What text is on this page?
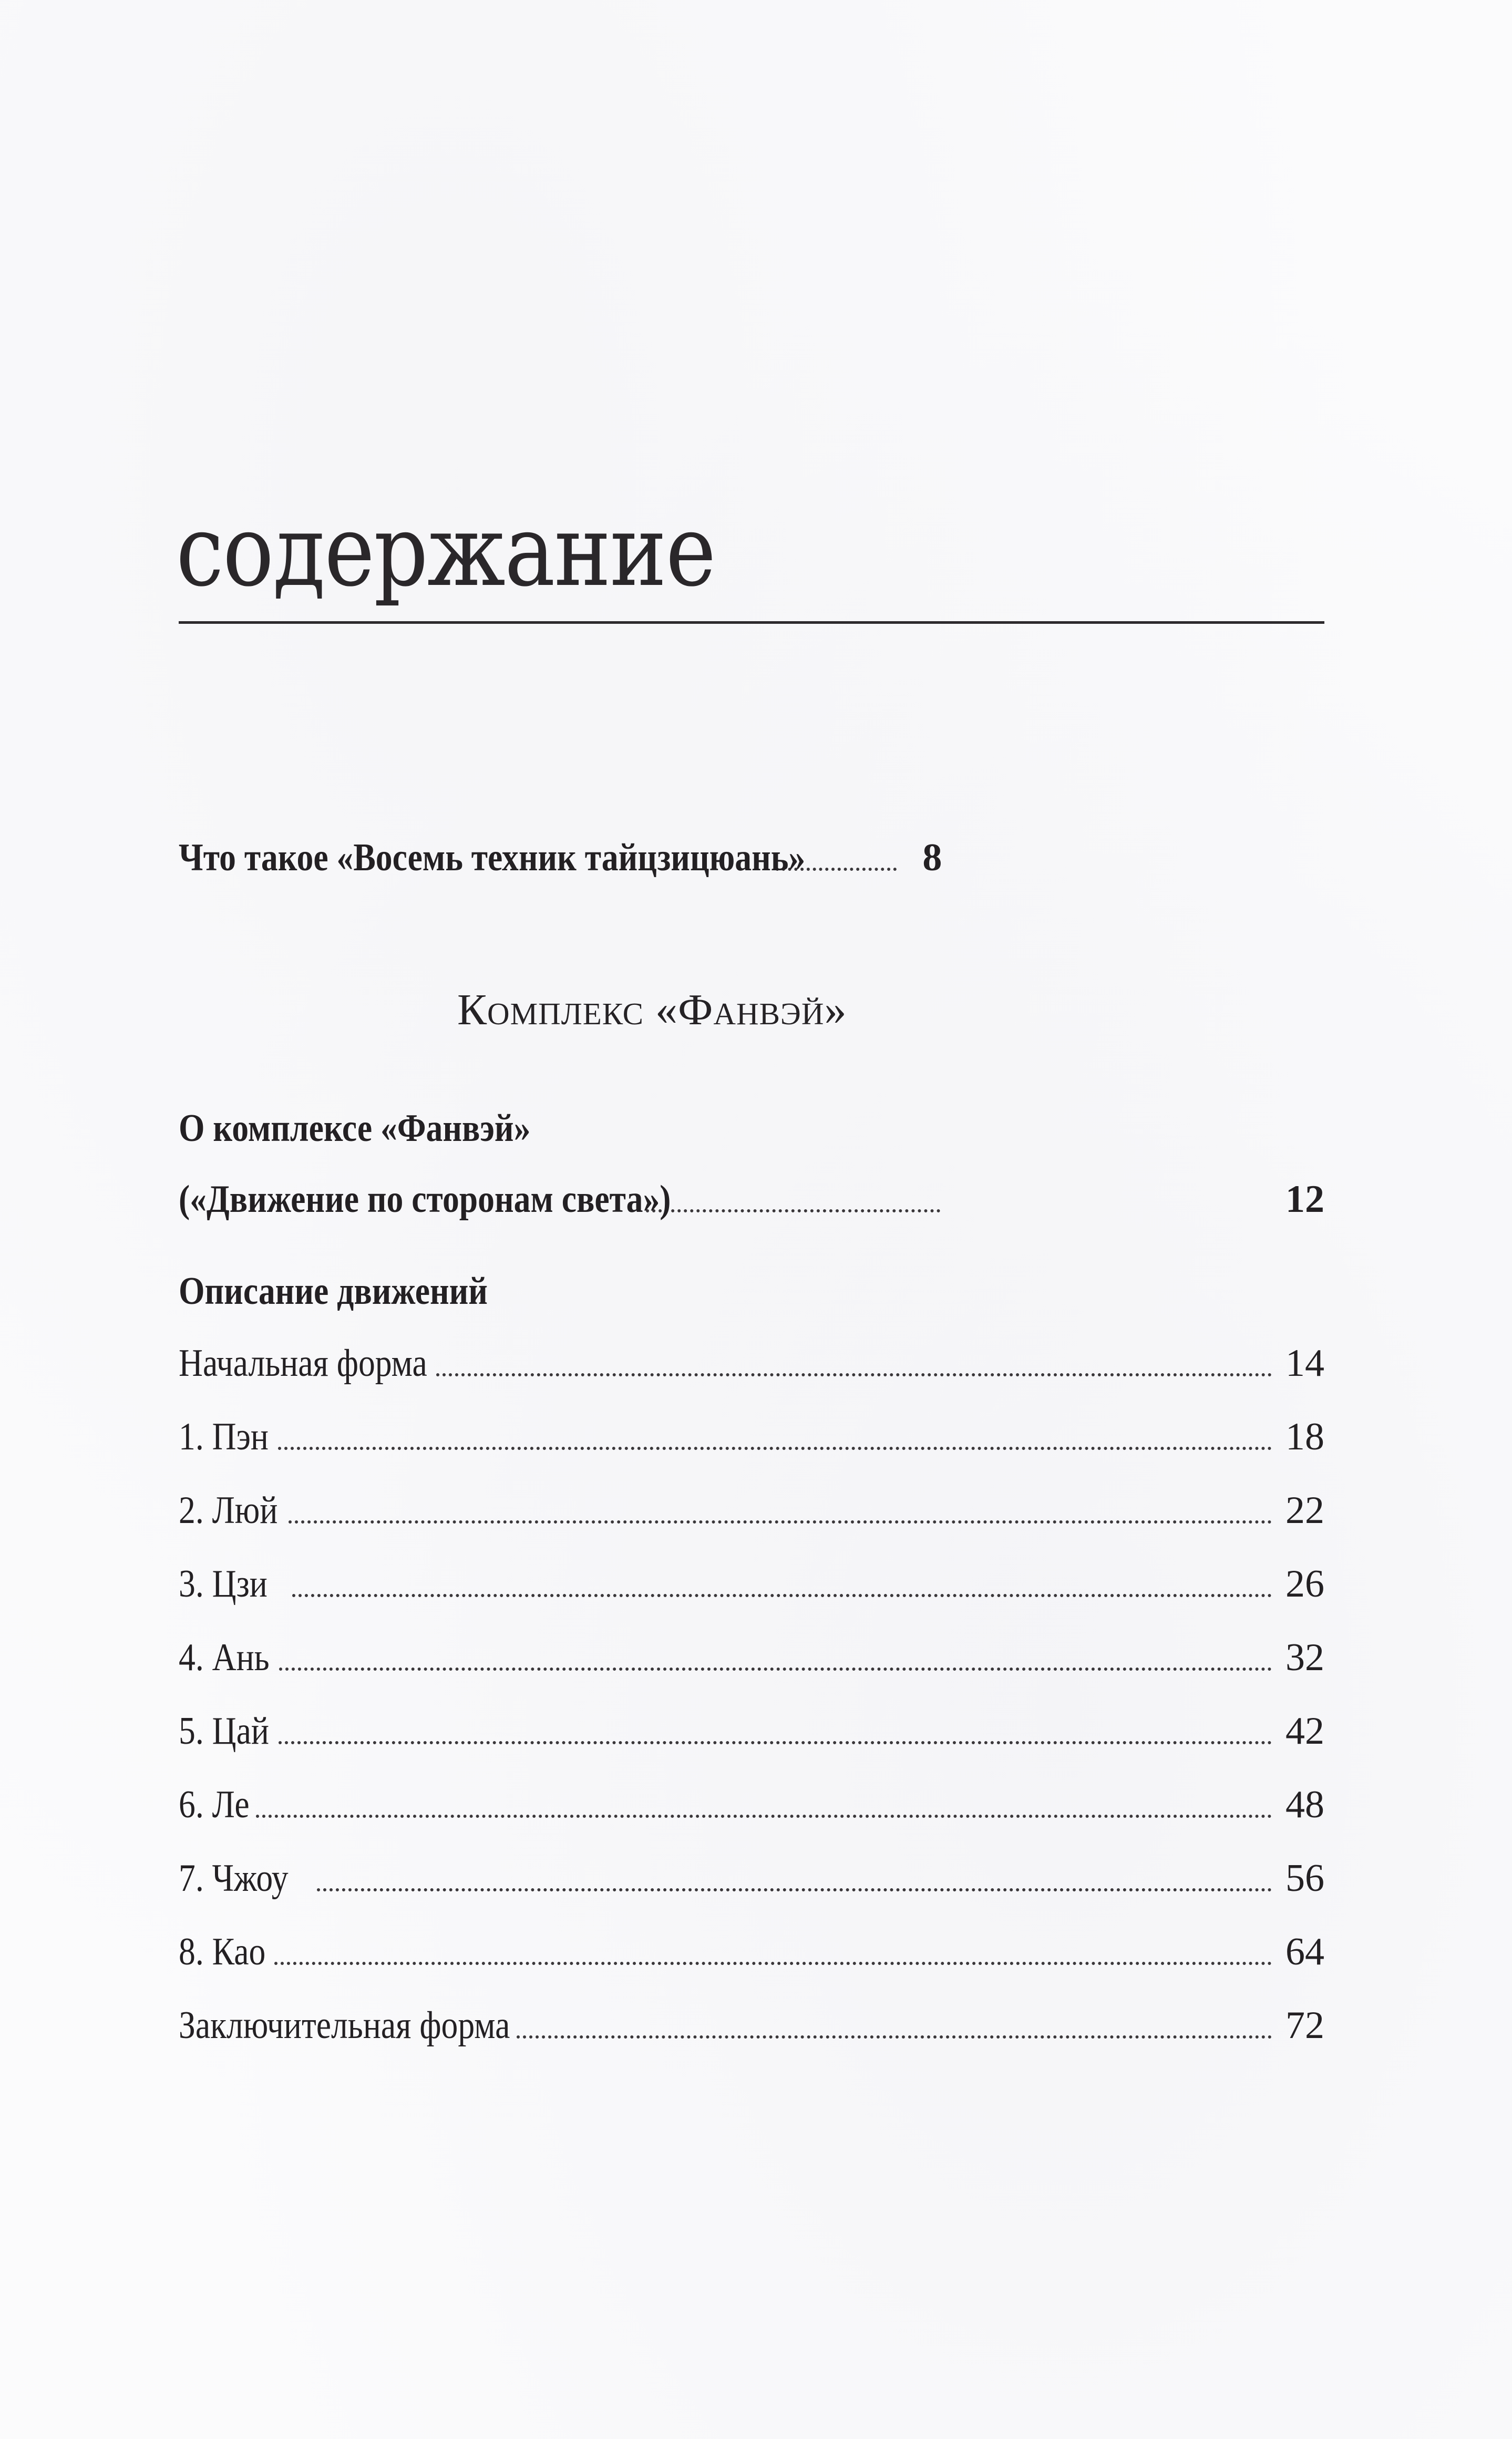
содержание
Что такое «Восемь техник тайцзицюань»	8
Комплекс «Фанвэй»
О комплексе «Фанвэй»
(«Движение по сторонам света»)	12
Описание движений
Начальная форма	14
1. Пэн	18
2. Люй	22
3. Цзи	26
4. Ань	32
5. Цай	42
6. Ле	48
7. Чжоу	56
8. Као	64
Заключительная форма	72
